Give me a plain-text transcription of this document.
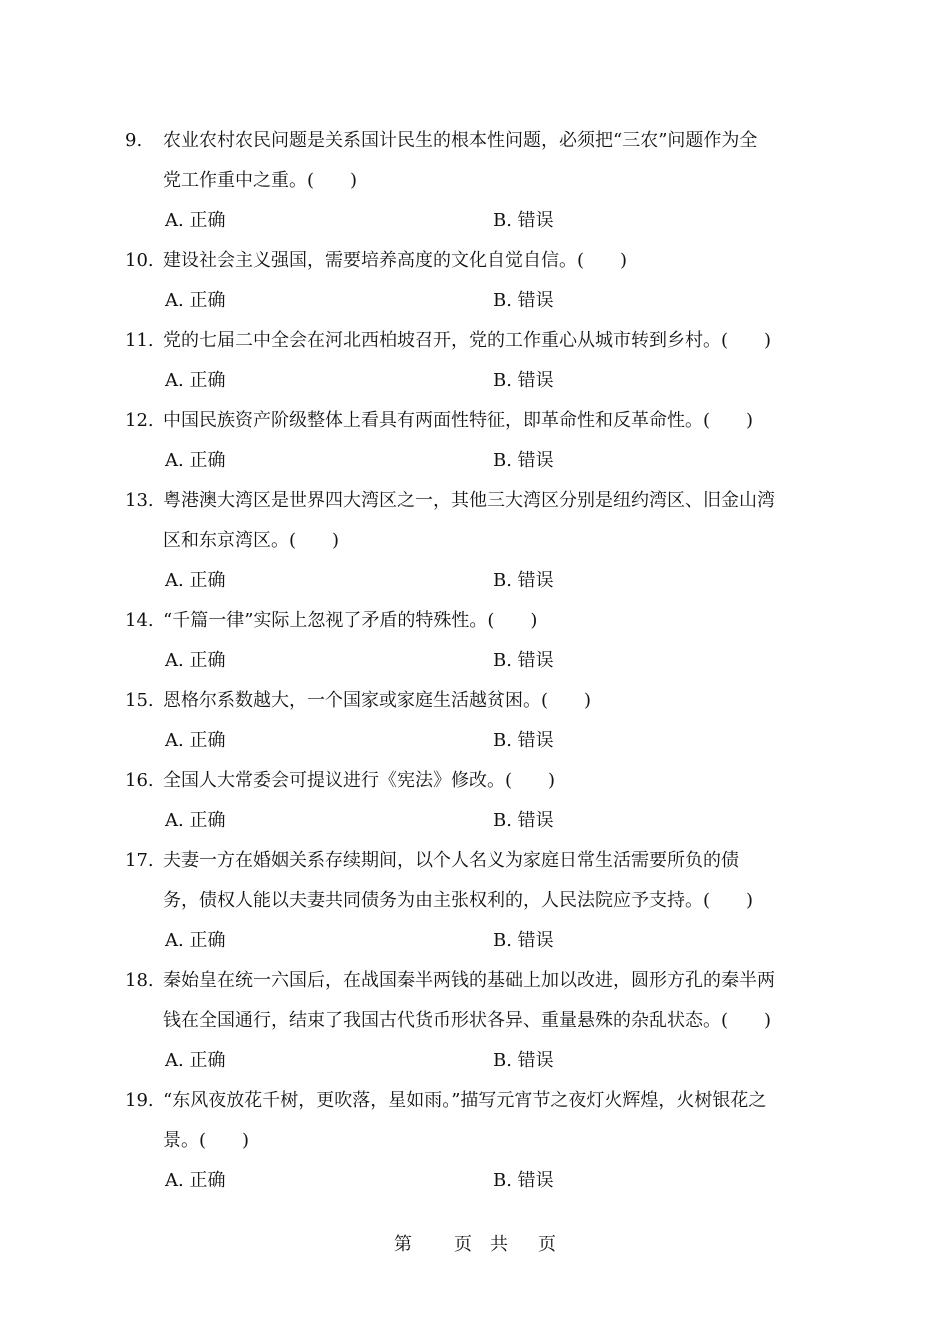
9.	农业农村农民问题是关系国计民生的根本性问题，必须把“三农”问题作为全
党工作重中之重。(　　)
A. 正确	B. 错误
10. 建设社会主义强国，需要培养高度的文化自觉自信。(　　)
A. 正确	B. 错误
11. 党的七届二中全会在河北西柏坡召开，党的工作重心从城市转到乡村。(　　)
A. 正确	B. 错误
12. 中国民族资产阶级整体上看具有两面性特征，即革命性和反革命性。(　　)
A. 正确	B. 错误
13. 粤港澳大湾区是世界四大湾区之一，其他三大湾区分别是纽约湾区、旧金山湾
区和东京湾区。(　　)
A. 正确	B. 错误
14. “千篇一律”实际上忽视了矛盾的特殊性。(　　)
A. 正确	B. 错误
15. 恩格尔系数越大，一个国家或家庭生活越贫困。(　　)
A. 正确	B. 错误
16. 全国人大常委会可提议进行《宪法》修改。(　　)
A. 正确	B. 错误
17. 夫妻一方在婚姻关系存续期间，以个人名义为家庭日常生活需要所负的债
务，债权人能以夫妻共同债务为由主张权利的，人民法院应予支持。(　　)
A. 正确	B. 错误
18. 秦始皇在统一六国后，在战国秦半两钱的基础上加以改进，圆形方孔的秦半两
钱在全国通行，结束了我国古代货币形状各异、重量悬殊的杂乱状态。(　　)
A. 正确	B. 错误
19. “东风夜放花千树，更吹落，星如雨。”描写元宵节之夜灯火辉煌，火树银花之
景。(　　)
A. 正确	B. 错误
第 页 共 页
